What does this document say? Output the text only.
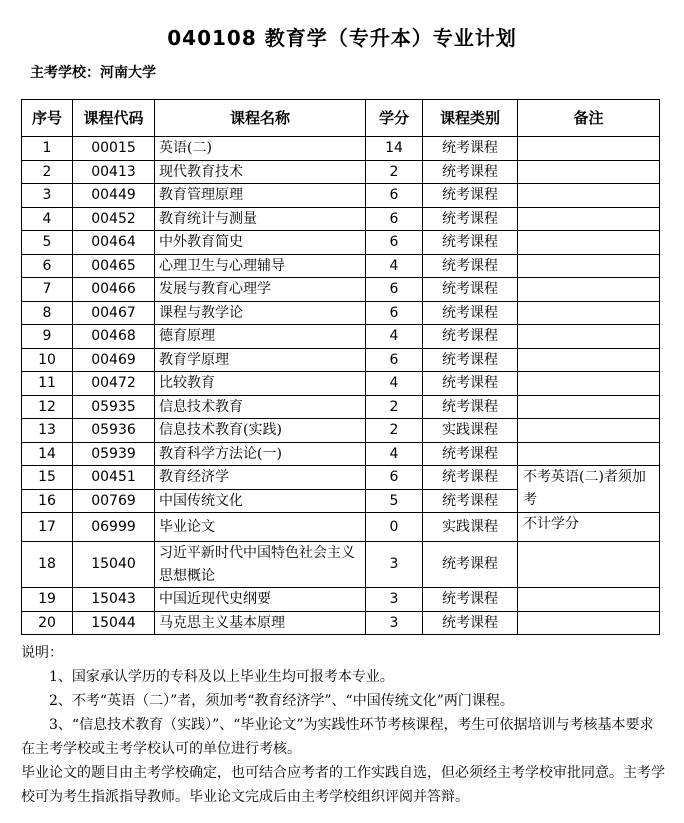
040108 教育学（专升本）专业计划
主考学校：河南大学
序号	课程代码	课程名称	学分	课程类别	备注
1	00015	英语(二)	14	统考课程	
2	00413	现代教育技术	2	统考课程	
3	00449	教育管理原理	6	统考课程	
4	00452	教育统计与测量	6	统考课程	
5	00464	中外教育简史	6	统考课程	
6	00465	心理卫生与心理辅导	4	统考课程	
7	00466	发展与教育心理学	6	统考课程	
8	00467	课程与教学论	6	统考课程	
9	00468	德育原理	4	统考课程	
10	00469	教育学原理	6	统考课程	
11	00472	比较教育	4	统考课程	
12	05935	信息技术教育	2	统考课程	
13	05936	信息技术教育(实践)	2	实践课程	
14	05939	教育科学方法论(一)	4	统考课程	
15	00451	教育经济学	6	统考课程	不考英语(二)者须加考
16	00769	中国传统文化	5	统考课程	
17	06999	毕业论文	0	实践课程	不计学分
18	15040	习近平新时代中国特色社会主义思想概论	3	统考课程	
19	15043	中国近现代史纲要	3	统考课程	
20	15044	马克思主义基本原理	3	统考课程	

说明：

1、国家承认学历的专科及以上毕业生均可报考本专业。

2、不考“英语（二）”者，须加考“教育经济学”、“中国传统文化”两门课程。

3、“信息技术教育（实践）”、“毕业论文”为实践性环节考核课程，考生可依据培训与考核基本要求在主考学校或主考学校认可的单位进行考核。

毕业论文的题目由主考学校确定，也可结合应考者的工作实践自选，但必须经主考学校审批同意。主考学校可为考生指派指导教师。毕业论文完成后由主考学校组织评阅并答辩。
